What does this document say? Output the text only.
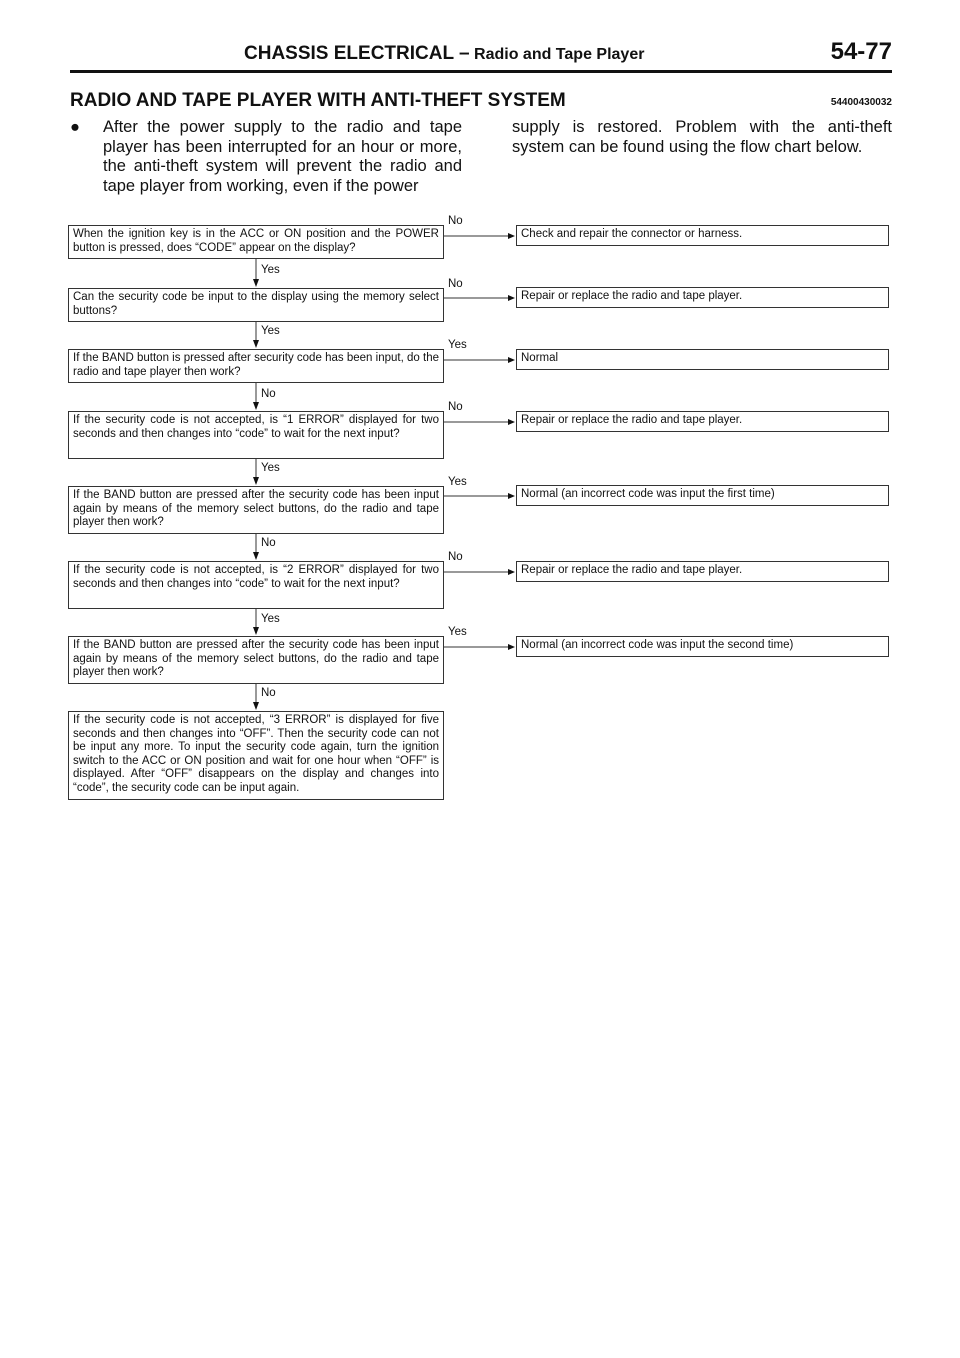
CHASSIS ELECTRICAL – Radio and Tape Player	54-77
RADIO AND TAPE PLAYER WITH ANTI-THEFT SYSTEM	54400430032
● After the power supply to the radio and tape player has been interrupted for an hour or more, the anti-theft system will prevent the radio and tape player from working, even if the power
supply is restored. Problem with the anti-theft system can be found using the flow chart below.
When the ignition key is in the ACC or ON position and the POWER button is pressed, does “CODE” appear on the display?
No
Check and repair the connector or harness.
Yes
Can the security code be input to the display using the memory select buttons?
No
Repair or replace the radio and tape player.
Yes
If the BAND button is pressed after security code has been input, do the radio and tape player then work?
Yes
Normal
No
If the security code is not accepted, is “1 ERROR” displayed for two seconds and then changes into “code” to wait for the next input?
No
Repair or replace the radio and tape player.
Yes
If the BAND button are pressed after the security code has been input again by means of the memory select buttons, do the radio and tape player then work?
Yes
Normal (an incorrect code was input the first time)
No
If the security code is not accepted, is “2 ERROR” displayed for two seconds and then changes into “code” to wait for the next input?
No
Repair or replace the radio and tape player.
Yes
If the BAND button are pressed after the security code has been input again by means of the memory select buttons, do the radio and tape player then work?
Yes
Normal (an incorrect code was input the second time)
No
If the security code is not accepted, “3 ERROR” is displayed for five seconds and then changes into “OFF”. Then the security code can not be input any more. To input the security code again, turn the ignition switch to the ACC or ON position and wait for one hour when “OFF” is displayed. After “OFF” disappears on the display and changes into “code”, the security code can be input again.
